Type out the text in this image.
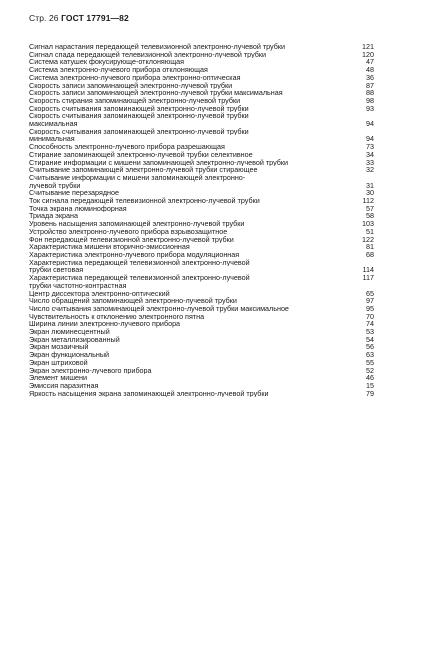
Стр. 26 ГОСТ 17791—82
Сигнал нарастания передающей телевизионной электронно-лучевой трубки	121
Сигнал спада передающей телевизионной электронно-лучевой трубки	120
Система катушек фокусирующе-отклоняющая	47
Система электронно-лучевого прибора отклоняющая	48
Система электронно-лучевого прибора электронно-оптическая	36
Скорость записи запоминающей электронно-лучевой трубки	87
Скорость записи запоминающей электронно-лучевой трубки максимальная	88
Скорость стирания запоминающей электронно-лучевой трубки	98
Скорость считывания запоминающей электронно-лучевой трубки	93
Скорость считывания запоминающей электронно-лучевой трубки
максимальная	94
Скорость считывания запоминающей электронно-лучевой трубки
минимальная	94
Способность электронно-лучевого прибора разрешающая	73
Стирание запоминающей электронно-лучевой трубки селективное	34
Стирание информации с мишени запоминающей электронно-лучевой трубки	33
Считывание запоминающей электронно-лучевой трубки стирающее	32
Считывание информации с мишени запоминающей электронно-
лучевой трубки	31
Считывание перезарядное	30
Ток сигнала передающей телевизионной электронно-лучевой трубки	112
Точка экрана люминофорная	57
Триада экрана	58
Уровень насыщения запоминающей электронно-лучевой трубки	103
Устройство электронно-лучевого прибора взрывозащитное	51
Фон передающей телевизионной электронно-лучевой трубки	122
Характеристика мишени вторично-эмиссионная	81
Характеристика электронно-лучевого прибора модуляционная	68
Характеристика передающей телевизионной электронно-лучевой
трубки световая	114
Характеристика передающей телевизионной электронно-лучевой	117
трубки частотно-контрастная
Центр диссектора электронно-оптический	65
Число обращений запоминающей электронно-лучевой трубки	97
Число считывания запоминающей электронно-лучевой трубки максимальное	95
Чувствительность к отклонению электронного пятна	70
Ширина линии электронно-лучевого прибора	74
Экран люминесцентный	53
Экран металлизированный	54
Экран мозаичный	56
Экран функциональный	63
Экран штриховой	55
Экран электронно-лучевого прибора	52
Элемент мишени	46
Эмиссия паразитная	15
Яркость насыщения экрана запоминающей электронно-лучевой трубки	79
